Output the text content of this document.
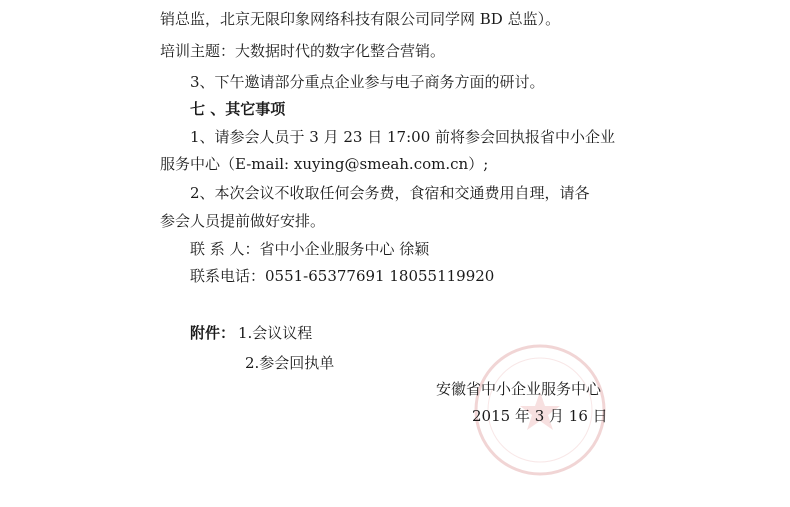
销总监，北京无限印象网络科技有限公司同学网 BD 总监）。
培训主题：大数据时代的数字化整合营销。
3、下午邀请部分重点企业参与电子商务方面的研讨。
七 、其它事项
1、请参会人员于 3 月 23 日 17:00 前将参会回执报省中小企业
服务中心（E-mail: xuying@smeah.com.cn）;
2、本次会议不收取任何会务费，食宿和交通费用自理，请各
参会人员提前做好安排。
联 系 人：省中小企业服务中心 徐颖
联系电话：0551-65377691 18055119920
附件： 1.会议议程
2.参会回执单
安徽省中小企业服务中心
2015 年 3 月 16 日
